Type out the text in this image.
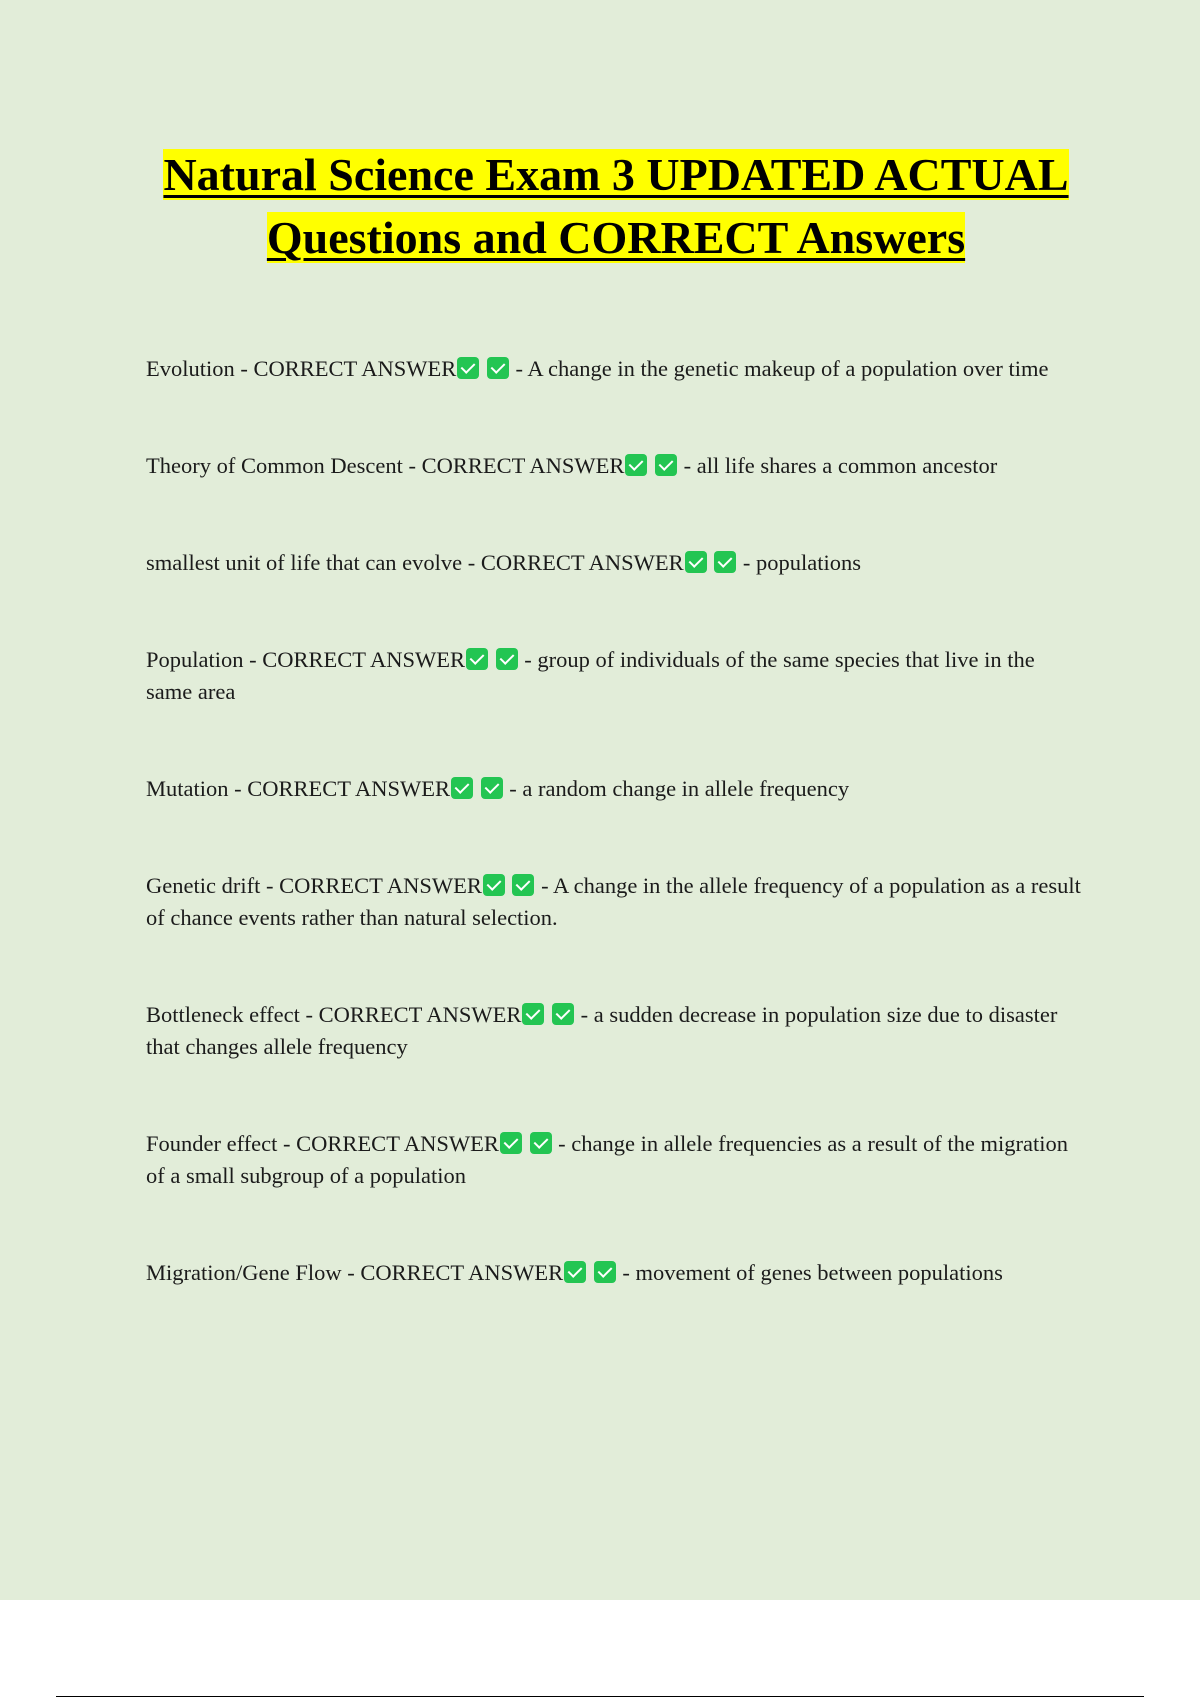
Natural Science Exam 3 UPDATED ACTUAL Questions and CORRECT Answers

Evolution - CORRECT ANSWER  - A change in the genetic makeup of a population over time

Theory of Common Descent - CORRECT ANSWER  - all life shares a common ancestor

smallest unit of life that can evolve - CORRECT ANSWER  - populations

Population - CORRECT ANSWER  - group of individuals of the same species that live in the same area

Mutation - CORRECT ANSWER  - a random change in allele frequency

Genetic drift - CORRECT ANSWER  - A change in the allele frequency of a population as a result of chance events rather than natural selection.

Bottleneck effect - CORRECT ANSWER  - a sudden decrease in population size due to disaster that changes allele frequency

Founder effect - CORRECT ANSWER  - change in allele frequencies as a result of the migration of a small subgroup of a population

Migration/Gene Flow - CORRECT ANSWER  - movement of genes between populations
